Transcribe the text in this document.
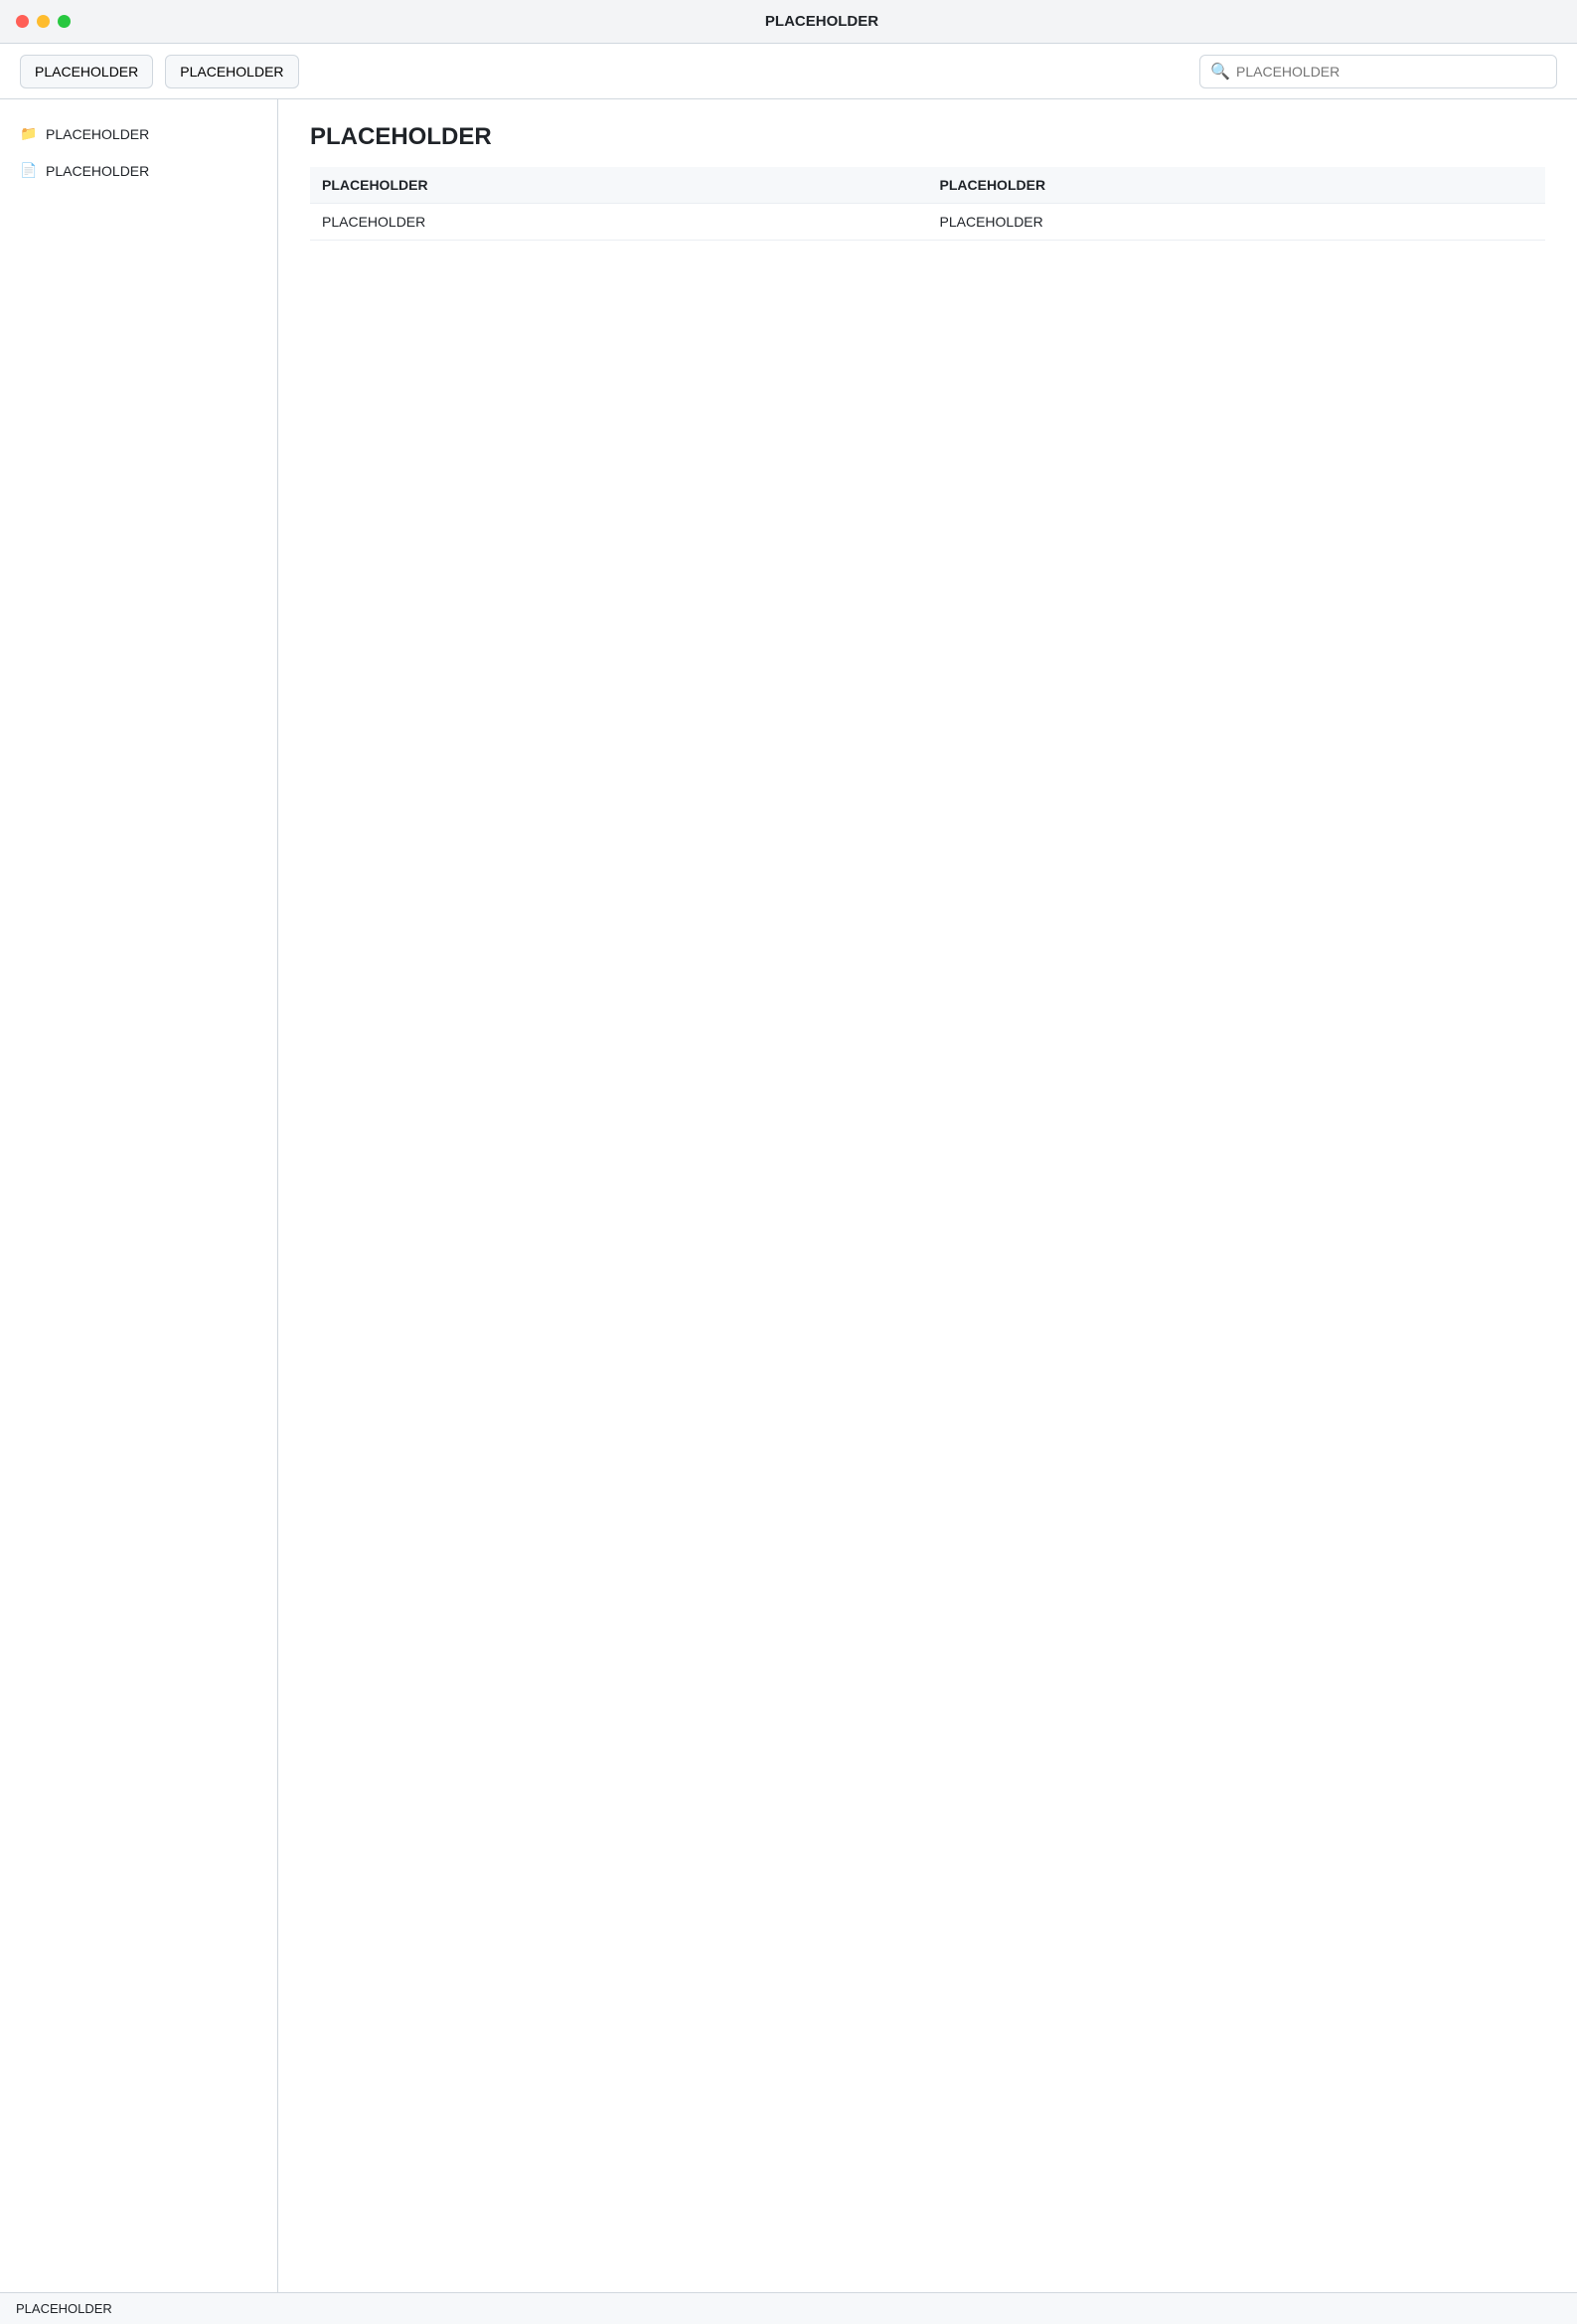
PLACEHOLDER
PLACEHOLDER	PLACEHOLDER	🔍
PLACEHOLDER
📁 PLACEHOLDER
📄 PLACEHOLDER
PLACEHOLDER
PLACEHOLDER	PLACEHOLDER
PLACEHOLDER	PLACEHOLDER
PLACEHOLDER
